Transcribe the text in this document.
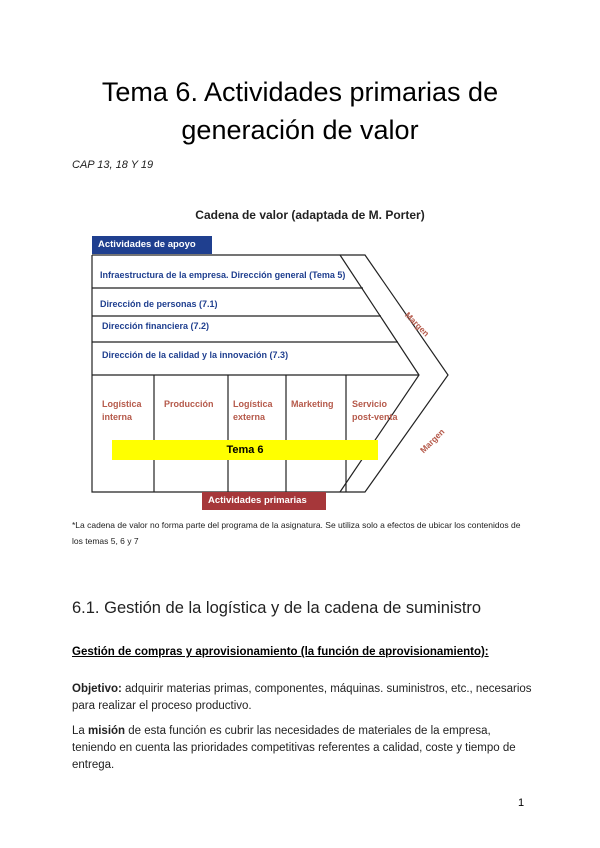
Tema 6. Actividades primarias de
generación de valor
CAP 13, 18 Y 19
Cadena de valor (adaptada de M. Porter)
Actividades de apoyo
Infraestructura de la empresa. Dirección general (Tema 5)
Dirección de personas (7.1)
Dirección financiera (7.2)
Dirección de la calidad y la innovación (7.3)
Logística
interna
Producción Logística
externa
Marketing Servicio
post-venta
Tema 6
Margen
Margen
Actividades primarias
*La cadena de valor no forma parte del programa de la asignatura. Se utiliza solo a efectos de ubicar los contenidos de los temas 5, 6 y 7
6.1. Gestión de la logística y de la cadena de suministro
Gestión de compras y aprovisionamiento (la función de aprovisionamiento):

Objetivo: adquirir materias primas, componentes, máquinas. suministros, etc., necesarios para realizar el proceso productivo.

La misión de esta función es cubrir las necesidades de materiales de la empresa, teniendo en cuenta las prioridades competitivas referentes a calidad, coste y tiempo de entrega.

1
